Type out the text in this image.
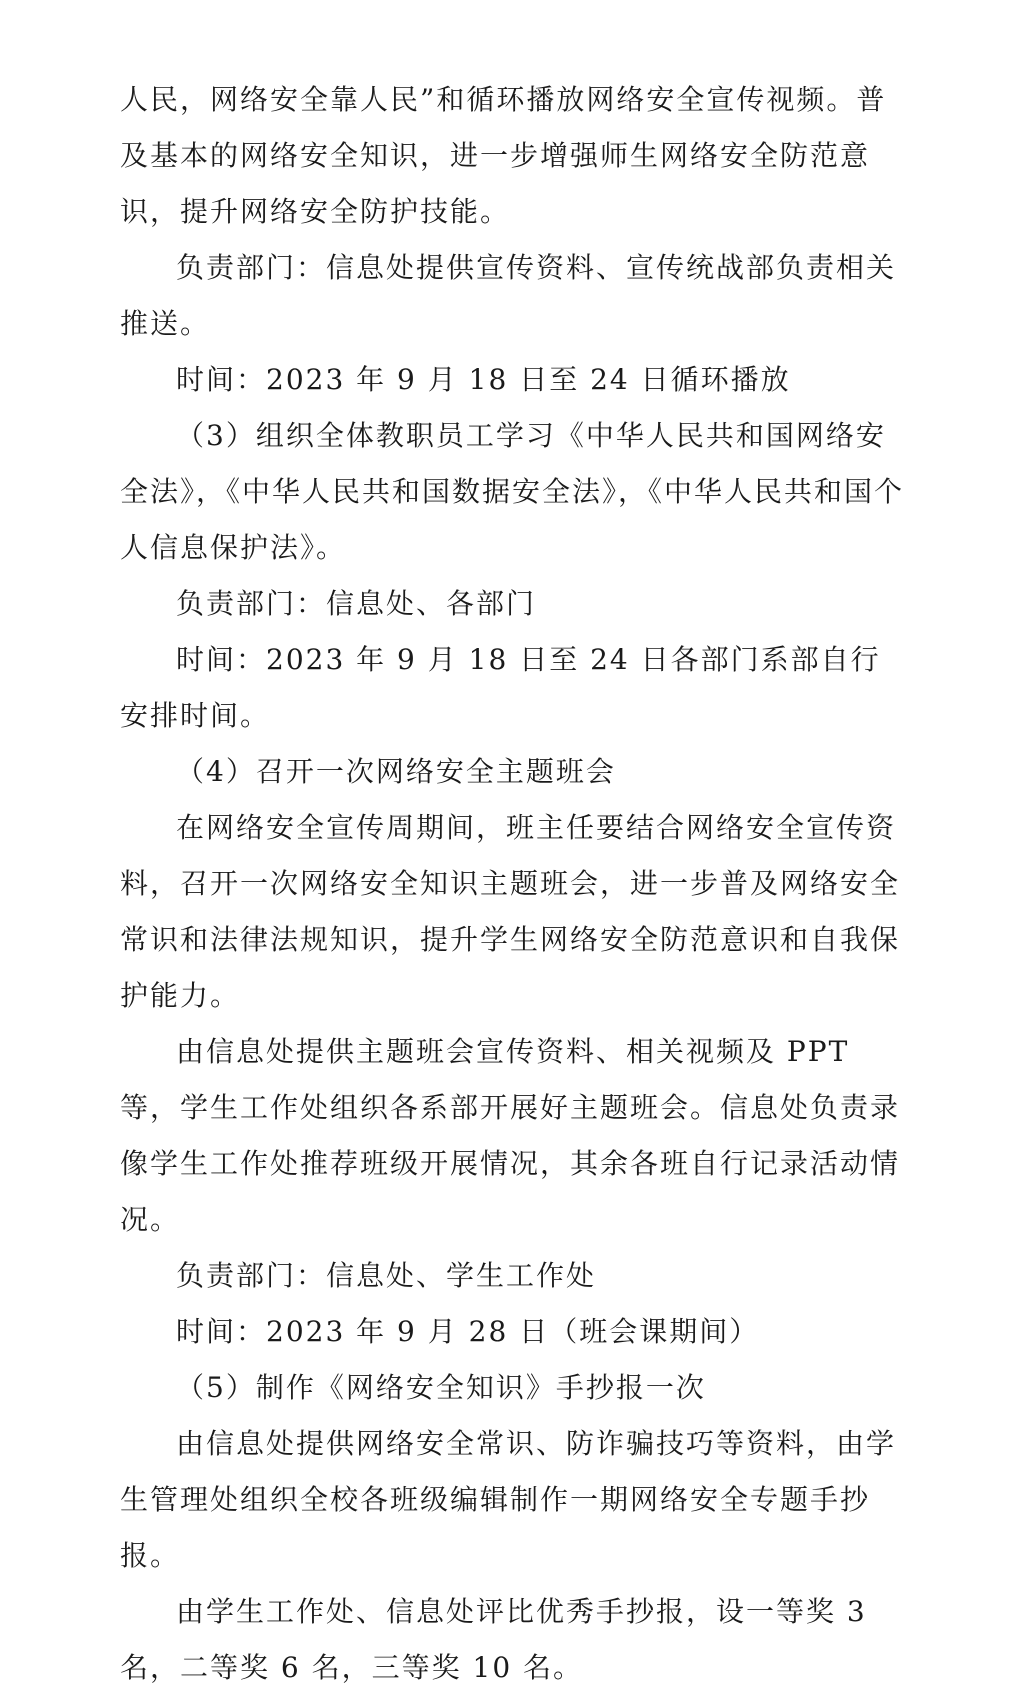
人民，网络安全靠人民”和循环播放网络安全宣传视频。普及基本的网络安全知识，进一步增强师生网络安全防范意识，提升网络安全防护技能。

负责部门：信息处提供宣传资料、宣传统战部负责相关推送。

时间：2023 年 9 月 18 日至 24 日循环播放

（3）组织全体教职员工学习《中华人民共和国网络安全法》，《中华人民共和国数据安全法》，《中华人民共和国个人信息保护法》。

负责部门：信息处、各部门

时间：2023 年 9 月 18 日至 24 日各部门系部自行安排时间。

（4）召开一次网络安全主题班会

在网络安全宣传周期间，班主任要结合网络安全宣传资料，召开一次网络安全知识主题班会，进一步普及网络安全常识和法律法规知识，提升学生网络安全防范意识和自我保护能力。

由信息处提供主题班会宣传资料、相关视频及 PPT 等，学生工作处组织各系部开展好主题班会。信息处负责录像学生工作处推荐班级开展情况，其余各班自行记录活动情况。

负责部门：信息处、学生工作处

时间：2023 年 9 月 28 日（班会课期间）

（5）制作《网络安全知识》手抄报一次

由信息处提供网络安全常识、防诈骗技巧等资料，由学生管理处组织全校各班级编辑制作一期网络安全专题手抄报。

由学生工作处、信息处评比优秀手抄报，设一等奖 3 名，二等奖 6 名，三等奖 10 名。
